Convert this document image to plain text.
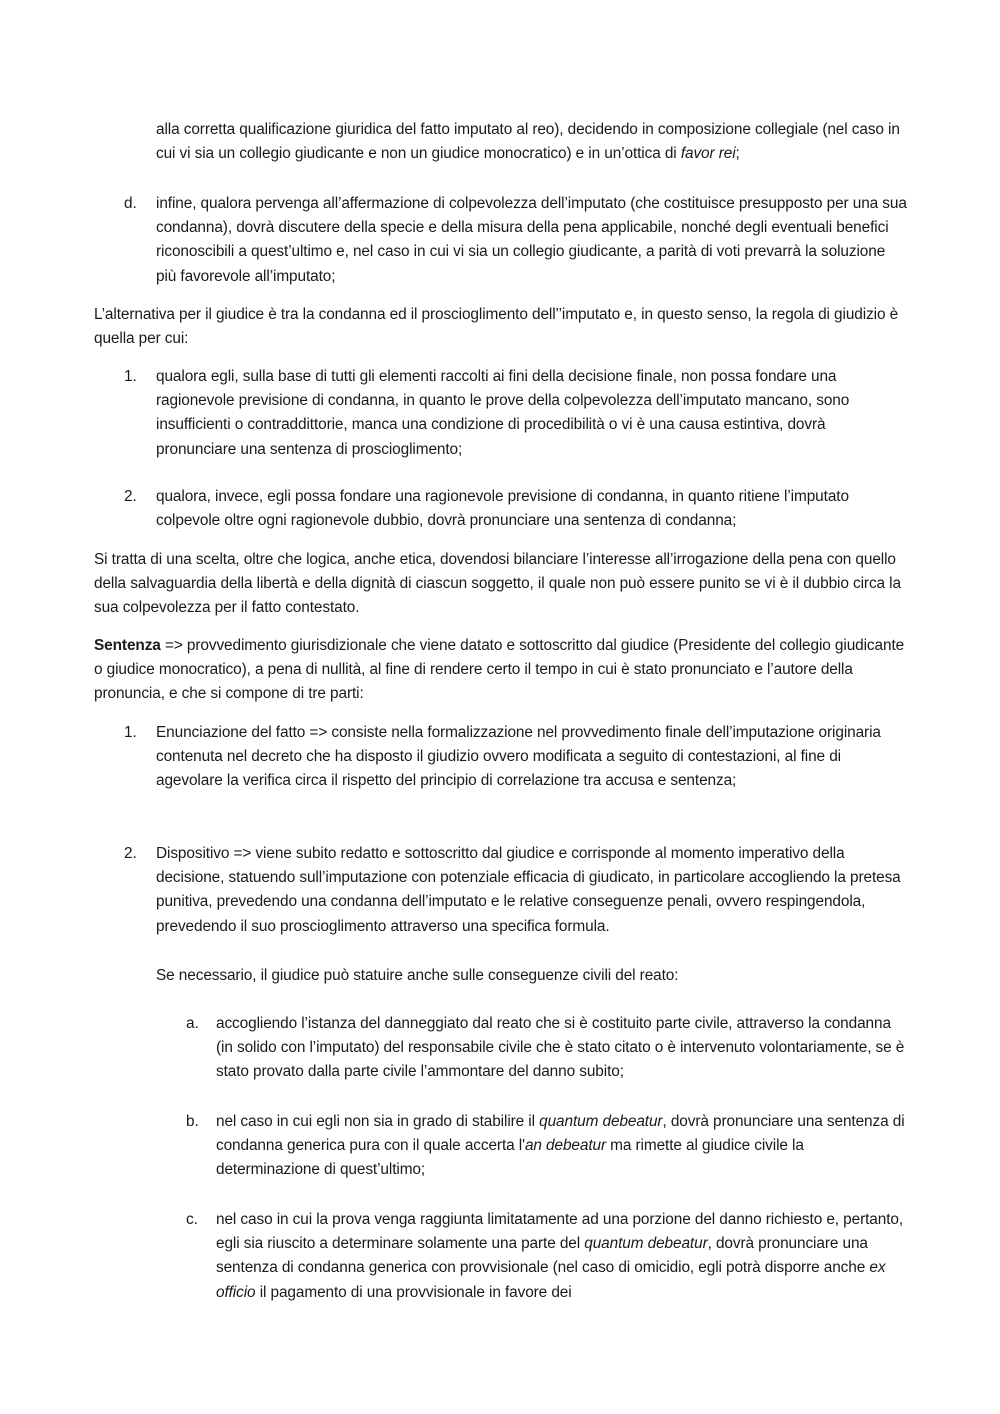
alla corretta qualificazione giuridica del fatto imputato al reo), decidendo in composizione collegiale (nel caso in cui vi sia un collegio giudicante e non un giudice monocratico) e in un’ottica di favor rei;

d.	infine, qualora pervenga all’affermazione di colpevolezza dell’imputato (che costituisce presupposto per una sua condanna), dovrà discutere della specie e della misura della pena applicabile, nonché degli eventuali benefici riconoscibili a quest’ultimo e, nel caso in cui vi sia un collegio giudicante, a parità di voti prevarrà la soluzione più favorevole all’imputato;

L’alternativa per il giudice è tra la condanna ed il proscioglimento dell’’imputato e, in questo senso, la regola di giudizio è quella per cui:

1.	qualora egli, sulla base di tutti gli elementi raccolti ai fini della decisione finale, non possa fondare una ragionevole previsione di condanna, in quanto le prove della colpevolezza dell’imputato mancano, sono insufficienti o contraddittorie, manca una condizione di procedibilità o vi è una causa estintiva, dovrà pronunciare una sentenza di proscioglimento;
2.	qualora, invece, egli possa fondare una ragionevole previsione di condanna, in quanto ritiene l’imputato colpevole oltre ogni ragionevole dubbio, dovrà pronunciare una sentenza di condanna;

Si tratta di una scelta, oltre che logica, anche etica, dovendosi bilanciare l’interesse all’irrogazione della pena con quello della salvaguardia della libertà e della dignità di ciascun soggetto, il quale non può essere punito se vi è il dubbio circa la sua colpevolezza per il fatto contestato.

Sentenza => provvedimento giurisdizionale che viene datato e sottoscritto dal giudice (Presidente del collegio giudicante o giudice monocratico), a pena di nullità, al fine di rendere certo il tempo in cui è stato pronunciato e l’autore della pronuncia, e che si compone di tre parti:

1.	Enunciazione del fatto => consiste nella formalizzazione nel provvedimento finale dell’imputazione originaria contenuta nel decreto che ha disposto il giudizio ovvero modificata a seguito di contestazioni, al fine di agevolare la verifica circa il rispetto del principio di correlazione tra accusa e sentenza;
2.	Dispositivo => viene subito redatto e sottoscritto dal giudice e corrisponde al momento imperativo della decisione, statuendo sull’imputazione con potenziale efficacia di giudicato, in particolare accogliendo la pretesa punitiva, prevedendo una condanna dell’imputato e le relative conseguenze penali, ovvero respingendola, prevedendo il suo proscioglimento attraverso una specifica formula.

Se necessario, il giudice può statuire anche sulle conseguenze civili del reato:

a.	accogliendo l’istanza del danneggiato dal reato che si è costituito parte civile, attraverso la condanna (in solido con l’imputato) del responsabile civile che è stato citato o è intervenuto volontariamente, se è stato provato dalla parte civile l’ammontare del danno subito;
b.	nel caso in cui egli non sia in grado di stabilire il quantum debeatur, dovrà pronunciare una sentenza di condanna generica pura con il quale accerta l'an debeatur ma rimette al giudice civile la determinazione di quest’ultimo;
c.	nel caso in cui la prova venga raggiunta limitatamente ad una porzione del danno richiesto e, pertanto, egli sia riuscito a determinare solamente una parte del quantum debeatur, dovrà pronunciare una sentenza di condanna generica con provvisionale (nel caso di omicidio, egli potrà disporre anche ex officio il pagamento di una provvisionale in favore dei
